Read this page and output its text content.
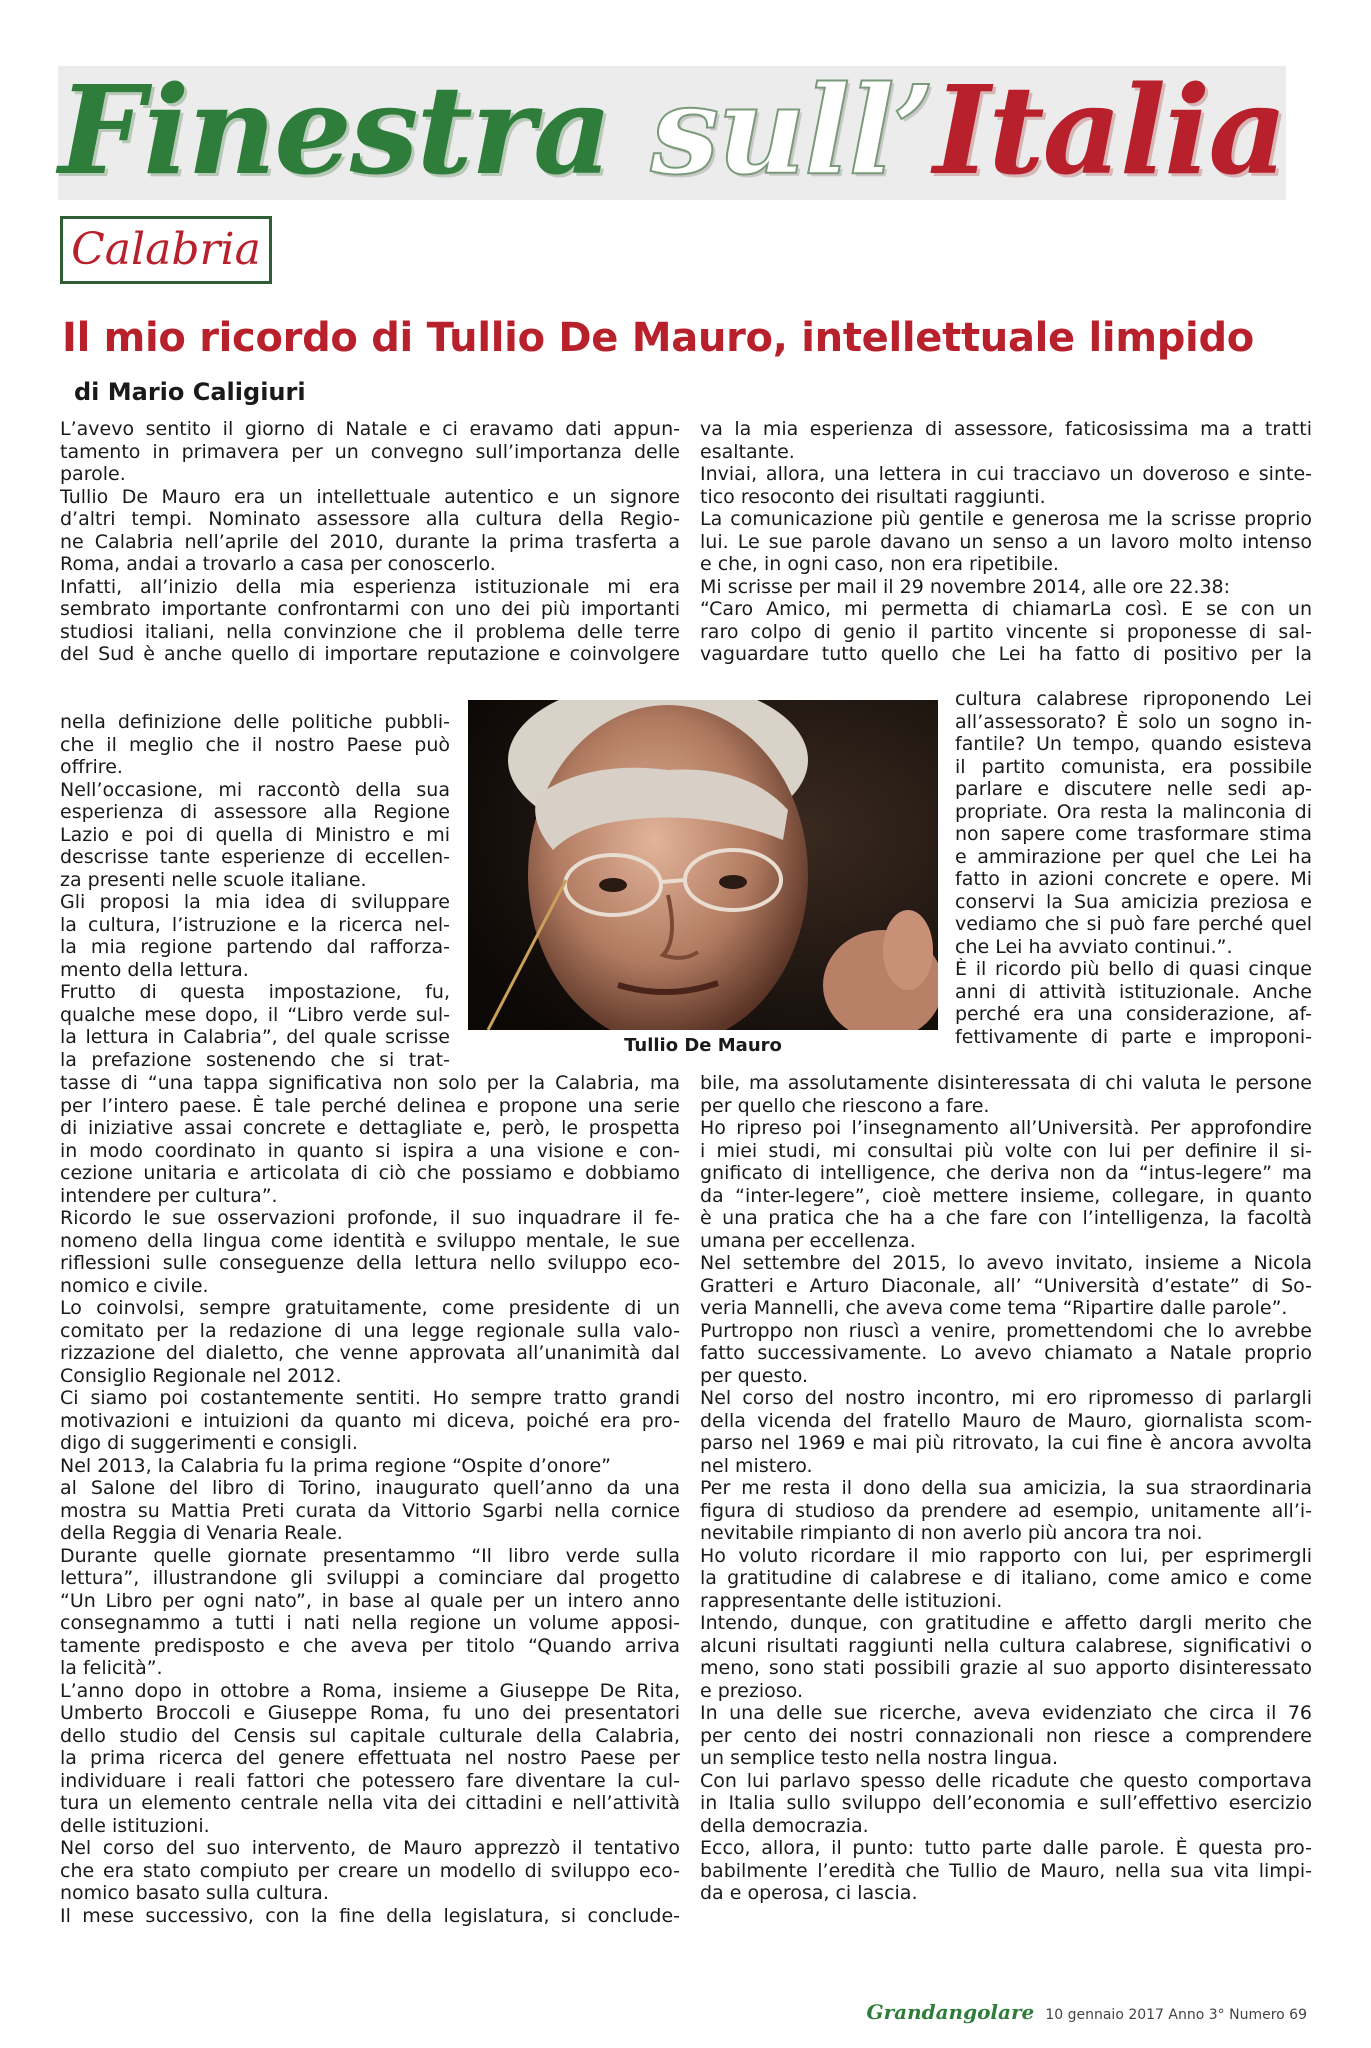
Finestra sull’Italia
Calabria
Il mio ricordo di Tullio De Mauro, intellettuale limpido
di Mario Caligiuri

L’avevo sentito il giorno di Natale e ci eravamo dati appun-

tamento in primavera per un convegno sull’importanza delle

parole.

Tullio De Mauro era un intellettuale autentico e un signore

d’altri tempi. Nominato assessore alla cultura della Regio-

ne Calabria nell’aprile del 2010, durante la prima trasferta a

Roma, andai a trovarlo a casa per conoscerlo.

Infatti, all’inizio della mia esperienza istituzionale mi era

sembrato importante confrontarmi con uno dei più importanti

studiosi italiani, nella convinzione che il problema delle terre

del Sud è anche quello di importare reputazione e coinvolgere

nella definizione delle politiche pubbli-

che il meglio che il nostro Paese può

offrire.

Nell’occasione, mi raccontò della sua

esperienza di assessore alla Regione

Lazio e poi di quella di Ministro e mi

descrisse tante esperienze di eccellen-

za presenti nelle scuole italiane.

Gli proposi la mia idea di sviluppare

la cultura, l’istruzione e la ricerca nel-

la mia regione partendo dal rafforza-

mento della lettura.

Frutto di questa impostazione, fu,

qualche mese dopo, il “Libro verde sul-

la lettura in Calabria”, del quale scrisse

la prefazione sostenendo che si trat-

tasse di “una tappa significativa non solo per la Calabria, ma

per l’intero paese. È tale perché delinea e propone una serie

di iniziative assai concrete e dettagliate e, però, le prospetta

in modo coordinato in quanto si ispira a una visione e con-

cezione unitaria e articolata di ciò che possiamo e dobbiamo

intendere per cultura”.

Ricordo le sue osservazioni profonde, il suo inquadrare il fe-

nomeno della lingua come identità e sviluppo mentale, le sue

riflessioni sulle conseguenze della lettura nello sviluppo eco-

nomico e civile.

Lo coinvolsi, sempre gratuitamente, come presidente di un

comitato per la redazione di una legge regionale sulla valo-

rizzazione del dialetto, che venne approvata all’unanimità dal

Consiglio Regionale nel 2012.

Ci siamo poi costantemente sentiti. Ho sempre tratto grandi

motivazioni e intuizioni da quanto mi diceva, poiché era pro-

digo di suggerimenti e consigli.

Nel 2013, la Calabria fu la prima regione “Ospite d’onore”

al Salone del libro di Torino, inaugurato quell’anno da una

mostra su Mattia Preti curata da Vittorio Sgarbi nella cornice

della Reggia di Venaria Reale.

Durante quelle giornate presentammo “Il libro verde sulla

lettura”, illustrandone gli sviluppi a cominciare dal progetto

“Un Libro per ogni nato”, in base al quale per un intero anno

consegnammo a tutti i nati nella regione un volume apposi-

tamente predisposto e che aveva per titolo “Quando arriva

la felicità”.

L’anno dopo in ottobre a Roma, insieme a Giuseppe De Rita,

Umberto Broccoli e Giuseppe Roma, fu uno dei presentatori

dello studio del Censis sul capitale culturale della Calabria,

la prima ricerca del genere effettuata nel nostro Paese per

individuare i reali fattori che potessero fare diventare la cul-

tura un elemento centrale nella vita dei cittadini e nell’attività

delle istituzioni.

Nel corso del suo intervento, de Mauro apprezzò il tentativo

che era stato compiuto per creare un modello di sviluppo eco-

nomico basato sulla cultura.

Il mese successivo, con la fine della legislatura, si conclude-

va la mia esperienza di assessore, faticosissima ma a tratti

esaltante.

Inviai, allora, una lettera in cui tracciavo un doveroso e sinte-

tico resoconto dei risultati raggiunti.

La comunicazione più gentile e generosa me la scrisse proprio

lui. Le sue parole davano un senso a un lavoro molto intenso

e che, in ogni caso, non era ripetibile.

Mi scrisse per mail il 29 novembre 2014, alle ore 22.38:

“Caro Amico, mi permetta di chiamarLa così. E se con un

raro colpo di genio il partito vincente si proponesse di sal-

vaguardare tutto quello che Lei ha fatto di positivo per la

cultura calabrese riproponendo Lei

all’assessorato? È solo un sogno in-

fantile? Un tempo, quando esisteva

il partito comunista, era possibile

parlare e discutere nelle sedi ap-

propriate. Ora resta la malinconia di

non sapere come trasformare stima

e ammirazione per quel che Lei ha

fatto in azioni concrete e opere. Mi

conservi la Sua amicizia preziosa e

vediamo che si può fare perché quel

che Lei ha avviato continui.”.

È il ricordo più bello di quasi cinque

anni di attività istituzionale. Anche

perché era una considerazione, af-

fettivamente di parte e improponi-

bile, ma assolutamente disinteressata di chi valuta le persone

per quello che riescono a fare.

Ho ripreso poi l’insegnamento all’Università. Per approfondire

i miei studi, mi consultai più volte con lui per definire il si-

gnificato di intelligence, che deriva non da “intus-legere” ma

da “inter-legere”, cioè mettere insieme, collegare, in quanto

è una pratica che ha a che fare con l’intelligenza, la facoltà

umana per eccellenza.

Nel settembre del 2015, lo avevo invitato, insieme a Nicola

Gratteri e Arturo Diaconale, all’ “Università d’estate” di So-

veria Mannelli, che aveva come tema “Ripartire dalle parole”.

Purtroppo non riuscì a venire, promettendomi che lo avrebbe

fatto successivamente. Lo avevo chiamato a Natale proprio

per questo.

Nel corso del nostro incontro, mi ero ripromesso di parlargli

della vicenda del fratello Mauro de Mauro, giornalista scom-

parso nel 1969 e mai più ritrovato, la cui fine è ancora avvolta

nel mistero.

Per me resta il dono della sua amicizia, la sua straordinaria

figura di studioso da prendere ad esempio, unitamente all’i-

nevitabile rimpianto di non averlo più ancora tra noi.

Ho voluto ricordare il mio rapporto con lui, per esprimergli

la gratitudine di calabrese e di italiano, come amico e come

rappresentante delle istituzioni.

Intendo, dunque, con gratitudine e affetto dargli merito che

alcuni risultati raggiunti nella cultura calabrese, significativi o

meno, sono stati possibili grazie al suo apporto disinteressato

e prezioso.

In una delle sue ricerche, aveva evidenziato che circa il 76

per cento dei nostri connazionali non riesce a comprendere

un semplice testo nella nostra lingua.

Con lui parlavo spesso delle ricadute che questo comportava

in Italia sullo sviluppo dell’economia e sull’effettivo esercizio

della democrazia.

Ecco, allora, il punto: tutto parte dalle parole. È questa pro-

babilmente l’eredità che Tullio de Mauro, nella sua vita limpi-

da e operosa, ci lascia.

Tullio De Mauro
Grandangolare 10 gennaio 2017 Anno 3° Numero 69
